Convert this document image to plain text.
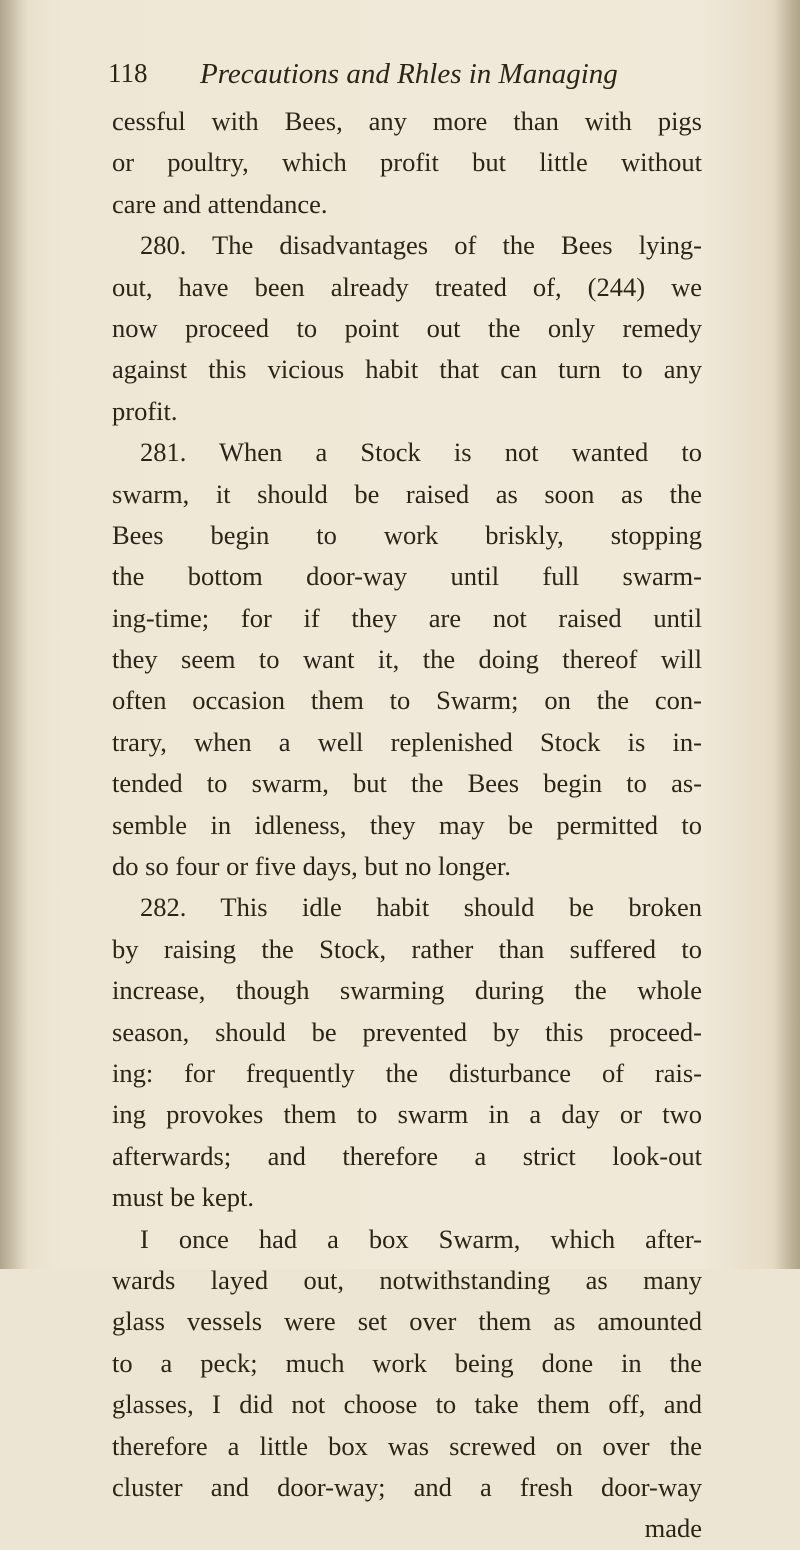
118 Precautions and Rhles in Managing
cessful with Bees, any more than with pigs
or poultry, which profit but little without
care and attendance.
280. The disadvantages of the Bees lying-
out, have been already treated of, (244) we
now proceed to point out the only remedy
against this vicious habit that can turn to any
profit.
281. When a Stock is not wanted to
swarm, it should be raised as soon as the
Bees begin to work briskly, stopping
the bottom door-way until full swarm-
ing-time; for if they are not raised until
they seem to want it, the doing thereof will
often occasion them to Swarm; on the con-
trary, when a well replenished Stock is in-
tended to swarm, but the Bees begin to as-
semble in idleness, they may be permitted to
do so four or five days, but no longer.
282. This idle habit should be broken
by raising the Stock, rather than suffered to
increase, though swarming during the whole
season, should be prevented by this proceed-
ing: for frequently the disturbance of rais-
ing provokes them to swarm in a day or two
afterwards; and therefore a strict look-out
must be kept.
I once had a box Swarm, which after-
wards layed out, notwithstanding as many
glass vessels were set over them as amounted
to a peck; much work being done in the
glasses, I did not choose to take them off, and
therefore a little box was screwed on over the
cluster and door-way; and a fresh door-way
made
